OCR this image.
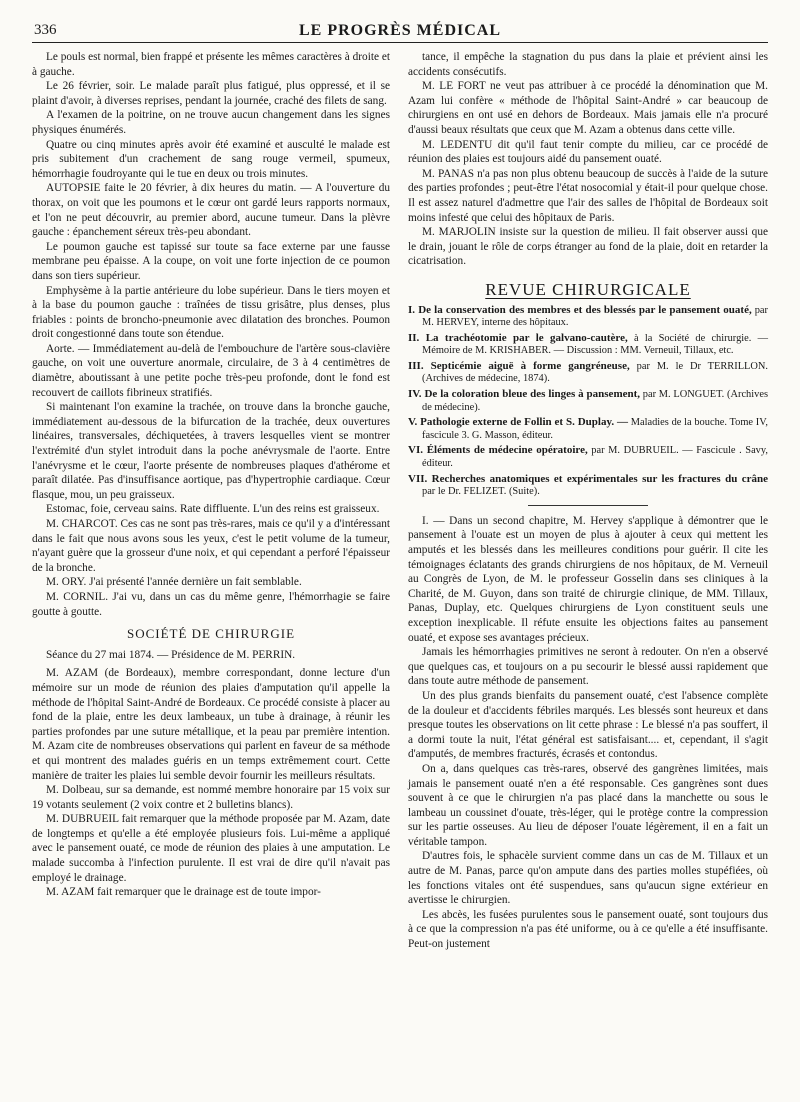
336	LE PROGRÈS MÉDICAL

Le pouls est normal, bien frappé et présente les mêmes caractères à droite et à gauche.

Le 26 février, soir. Le malade paraît plus fatigué, plus oppressé, et il se plaint d'avoir, à diverses reprises, pendant la journée, craché des filets de sang.

A l'examen de la poitrine, on ne trouve aucun changement dans les signes physiques énumérés.

Quatre ou cinq minutes après avoir été examiné et ausculté le malade est pris subitement d'un crachement de sang rouge vermeil, spumeux, hémorrhagie foudroyante qui le tue en deux ou trois minutes.

AUTOPSIE faite le 20 février, à dix heures du matin. — A l'ouverture du thorax, on voit que les poumons et le cœur ont gardé leurs rapports normaux, et l'on ne peut découvrir, au premier abord, aucune tumeur. Dans la plèvre gauche : épanchement séreux très-peu abondant.

Le poumon gauche est tapissé sur toute sa face externe par une fausse membrane peu épaisse. A la coupe, on voit une forte injection de ce poumon dans son tiers supérieur.

Emphysème à la partie antérieure du lobe supérieur. Dans le tiers moyen et à la base du poumon gauche : traînées de tissu grisâtre, plus denses, plus friables : points de broncho-pneumonie avec dilatation des bronches. Poumon droit congestionné dans toute son étendue.

Aorte. — Immédiatement au-delà de l'embouchure de l'artère sous-clavière gauche, on voit une ouverture anormale, circulaire, de 3 à 4 centimètres de diamètre, aboutissant à une petite poche très-peu profonde, dont le fond est recouvert de caillots fibrineux stratifiés.

Si maintenant l'on examine la trachée, on trouve dans la bronche gauche, immédiatement au-dessous de la bifurcation de la trachée, deux ouvertures linéaires, transversales, déchiquetées, à travers lesquelles vient se montrer l'extrémité d'un stylet introduit dans la poche anévrysmale de l'aorte. Entre l'anévrysme et le cœur, l'aorte présente de nombreuses plaques d'athérome et paraît dilatée. Pas d'insuffisance aortique, pas d'hypertrophie cardiaque. Cœur flasque, mou, un peu graisseux.

Estomac, foie, cerveau sains. Rate diffluente. L'un des reins est graisseux.

M. CHARCOT. Ces cas ne sont pas très-rares, mais ce qu'il y a d'intéressant dans le fait que nous avons sous les yeux, c'est le petit volume de la tumeur, n'ayant guère que la grosseur d'une noix, et qui cependant a perforé l'épaisseur de la bronche.

M. ORY. J'ai présenté l'année dernière un fait semblable.

M. CORNIL. J'ai vu, dans un cas du même genre, l'hémorrhagie se faire goutte à goutte.

SOCIÉTÉ DE CHIRURGIE

Séance du 27 mai 1874. — Présidence de M. PERRIN.

M. AZAM (de Bordeaux), membre correspondant, donne lecture d'un mémoire sur un mode de réunion des plaies d'amputation qu'il appelle la méthode de l'hôpital Saint-André de Bordeaux. Ce procédé consiste à placer au fond de la plaie, entre les deux lambeaux, un tube à drainage, à réunir les parties profondes par une suture métallique, et la peau par première intention. M. Azam cite de nombreuses observations qui parlent en faveur de sa méthode et qui montrent des malades guéris en un temps extrêmement court. Cette manière de traiter les plaies lui semble devoir fournir les meilleurs résultats.

M. Dolbeau, sur sa demande, est nommé membre honoraire par 15 voix sur 19 votants seulement (2 voix contre et 2 bulletins blancs).

M. DUBRUEIL fait remarquer que la méthode proposée par M. Azam, date de longtemps et qu'elle a été employée plusieurs fois. Lui-même a appliqué avec le pansement ouaté, ce mode de réunion des plaies à une amputation. Le malade succomba à l'infection purulente. Il est vrai de dire qu'il n'avait pas employé le drainage.

M. AZAM fait remarquer que le drainage est de toute impor-

tance, il empêche la stagnation du pus dans la plaie et prévient ainsi les accidents consécutifs.

M. LE FORT ne veut pas attribuer à ce procédé la dénomination que M. Azam lui confère « méthode de l'hôpital Saint-André » car beaucoup de chirurgiens en ont usé en dehors de Bordeaux. Mais jamais elle n'a procuré d'aussi beaux résultats que ceux que M. Azam a obtenus dans cette ville.

M. LEDENTU dit qu'il faut tenir compte du milieu, car ce procédé de réunion des plaies est toujours aidé du pansement ouaté.

M. PANAS n'a pas non plus obtenu beaucoup de succès à l'aide de la suture des parties profondes ; peut-être l'état nosocomial y était-il pour quelque chose. Il est assez naturel d'admettre que l'air des salles de l'hôpital de Bordeaux soit moins infesté que celui des hôpitaux de Paris.

M. MARJOLIN insiste sur la question de milieu. Il fait observer aussi que le drain, jouant le rôle de corps étranger au fond de la plaie, doit en retarder la cicatrisation.

REVUE CHIRURGICALE
I. De la conservation des membres et des blessés par le pansement ouaté, par M. HERVEY, interne des hôpitaux.
II. La trachéotomie par le galvano-cautère, à la Société de chirurgie. — Mémoire de M. KRISHABER. — Discussion : MM. Verneuil, Tillaux, etc.
III. Septicémie aiguë à forme gangréneuse, par M. le Dr TERRILLON. (Archives de médecine, 1874).
IV. De la coloration bleue des linges à pansement, par M. LONGUET. (Archives de médecine).
V. Pathologie externe de Follin et S. Duplay. — Maladies de la bouche. Tome IV, fascicule 3. G. Masson, éditeur.
VI. Éléments de médecine opératoire, par M. DUBRUEIL. — Fascicule . Savy, éditeur.
VII. Recherches anatomiques et expérimentales sur les fractures du crâne par le Dr. FELIZET. (Suite).

I. — Dans un second chapitre, M. Hervey s'applique à démontrer que le pansement à l'ouate est un moyen de plus à ajouter à ceux qui mettent les amputés et les blessés dans les meilleures conditions pour guérir. Il cite les témoignages éclatants des grands chirurgiens de nos hôpitaux, de M. Verneuil au Congrès de Lyon, de M. le professeur Gosselin dans ses cliniques à la Charité, de M. Guyon, dans son traité de chirurgie clinique, de MM. Tillaux, Panas, Duplay, etc. Quelques chirurgiens de Lyon constituent seuls une exception inexplicable. Il réfute ensuite les objections faites au pansement ouaté, et expose ses avantages précieux.

Jamais les hémorrhagies primitives ne seront à redouter. On n'en a observé que quelques cas, et toujours on a pu secourir le blessé aussi rapidement que dans toute autre méthode de pansement.

Un des plus grands bienfaits du pansement ouaté, c'est l'absence complète de la douleur et d'accidents fébriles marqués. Les blessés sont heureux et dans presque toutes les observations on lit cette phrase : Le blessé n'a pas souffert, il a dormi toute la nuit, l'état général est satisfaisant.... et, cependant, il s'agit d'amputés, de membres fracturés, écrasés et contondus.

On a, dans quelques cas très-rares, observé des gangrènes limitées, mais jamais le pansement ouaté n'en a été responsable. Ces gangrènes sont dues souvent à ce que le chirurgien n'a pas placé dans la manchette ou sous le lambeau un coussinet d'ouate, très-léger, qui le protège contre la compression sur les partie osseuses. Au lieu de déposer l'ouate légèrement, il en a fait un véritable tampon.

D'autres fois, le sphacèle survient comme dans un cas de M. Tillaux et un autre de M. Panas, parce qu'on ampute dans des parties molles stupéfiées, où les fonctions vitales ont été suspendues, sans qu'aucun signe extérieur en avertisse le chirurgien.

Les abcès, les fusées purulentes sous le pansement ouaté, sont toujours dus à ce que la compression n'a pas été uniforme, ou à ce qu'elle a été insuffisante. Peut-on justement
